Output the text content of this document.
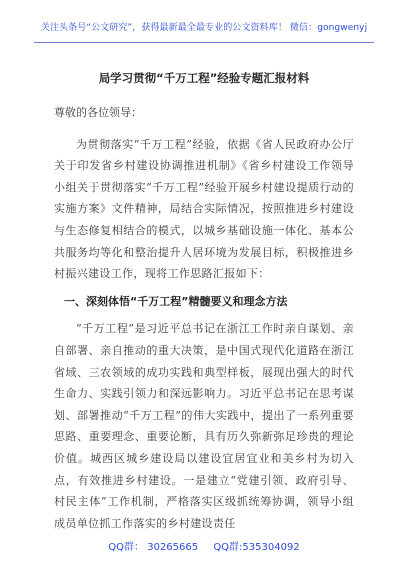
关注头条号“公文研究”，获得最新最全最专业的公文资料库！ 微信：gongwenyj
局学习贯彻“千万工程”经验专题汇报材料

尊敬的各位领导：

为贯彻落实“千万工程”经验，依据《省人民政府办公厅关于印发省乡村建设协调推进机制》《省乡村建设工作领导小组关于贯彻落实“千万工程”经验开展乡村建设提质行动的实施方案》文件精神，局结合实际情况，按照推进乡村建设与生态修复相结合的模式，以城乡基础设施一体化、基本公共服务均等化和整治提升人居环境为发展目标，积极推进乡村振兴建设工作，现将工作思路汇报如下：

一、深刻体悟“千万工程”精髓要义和理念方法

“千万工程”是习近平总书记在浙江工作时亲自谋划、亲自部署、亲自推动的重大决策，是中国式现代化道路在浙江省域、三农领域的成功实践和典型样板，展现出强大的时代生命力、实践引领力和深远影响力。习近平总书记在思考谋划、部署推动“千万工程”的伟大实践中，提出了一系列重要思路、重要理念、重要论断，具有历久弥新弥足珍贵的理论价值。城西区城乡建设局以建设宜居宜业和美乡村为切入点，有效推进乡村建设。一是建立“党建引领、政府引导、村民主体”工作机制，严格落实区级抓统筹协调，领导小组成员单位抓工作落实的乡村建设责任

QQ群： 30265665 QQ群:535304092
